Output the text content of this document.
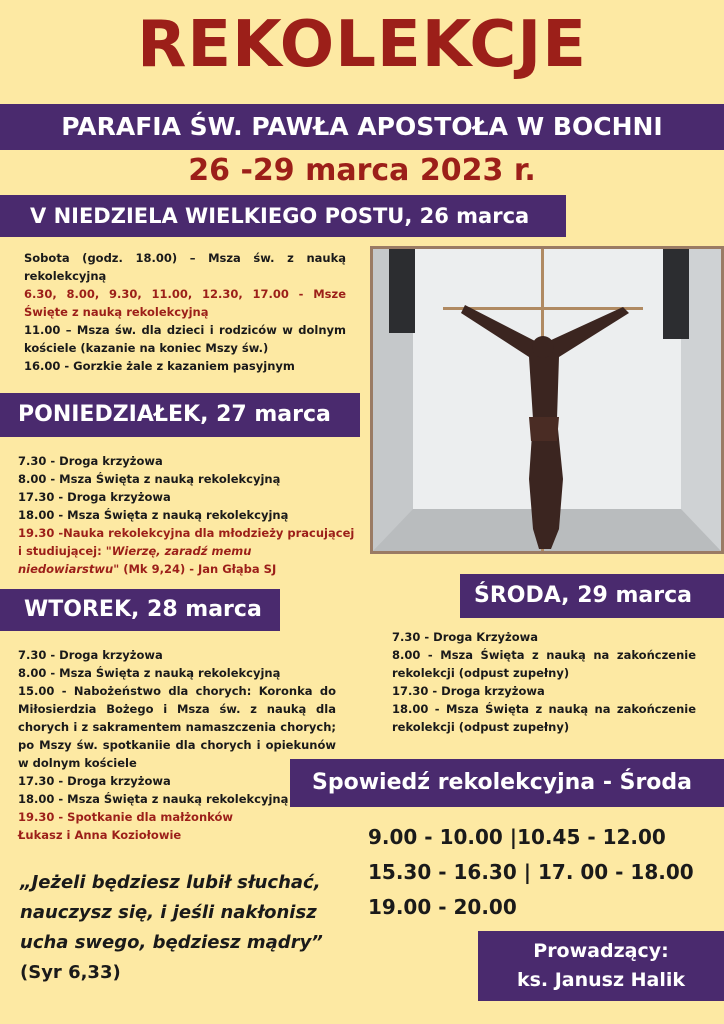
REKOLEKCJE
PARAFIA ŚW. PAWŁA APOSTOŁA W BOCHNI
26 -29 marca 2023 r.
V NIEDZIELA WIELKIEGO POSTU, 26 marca
Sobota (godz. 18.00) – Msza św. z nauką rekolekcyjną
6.30, 8.00, 9.30, 11.00, 12.30, 17.00 - Msze Święte z nauką rekolekcyjną
11.00 – Msza św. dla dzieci i rodziców w dolnym kościele (kazanie na koniec Mszy św.)
16.00 - Gorzkie żale z kazaniem pasyjnym
PONIEDZIAŁEK, 27 marca
7.30 - Droga krzyżowa
8.00 - Msza Święta z nauką rekolekcyjną
17.30 - Droga krzyżowa
18.00 - Msza Święta z nauką rekolekcyjną
19.30 -Nauka rekolekcyjna dla młodzieży pracującej i studiującej: "Wierzę, zaradź memu niedowiarstwu" (Mk 9,24) - Jan Głąba SJ
WTOREK, 28 marca
7.30 - Droga krzyżowa
8.00 - Msza Święta z nauką rekolekcyjną
15.00 - Nabożeństwo dla chorych: Koronka do Miłosierdzia Bożego i Msza św. z nauką dla chorych i z sakramentem namaszczenia chorych; po Mszy św. spotkaniie dla chorych i opiekunów w dolnym kościele
17.30 - Droga krzyżowa
18.00 - Msza Święta z nauką rekolekcyjną
19.30 - Spotkanie dla małżonków
Łukasz i Anna Koziołowie
ŚRODA, 29 marca
7.30 - Droga Krzyżowa
8.00 - Msza Święta z nauką na zakończenie rekolekcji (odpust zupełny)
17.30 - Droga krzyżowa
18.00 - Msza Święta z nauką na zakończenie rekolekcji (odpust zupełny)
Spowiedź rekolekcyjna - Środa
9.00 - 10.00 |10.45 - 12.00
15.30 - 16.30 | 17. 00 - 18.00
19.00 - 20.00
„Jeżeli będziesz lubił słuchać, nauczysz się, i jeśli nakłonisz ucha swego, będziesz mądry” (Syr 6,33)
Prowadzący:
ks. Janusz Halik
